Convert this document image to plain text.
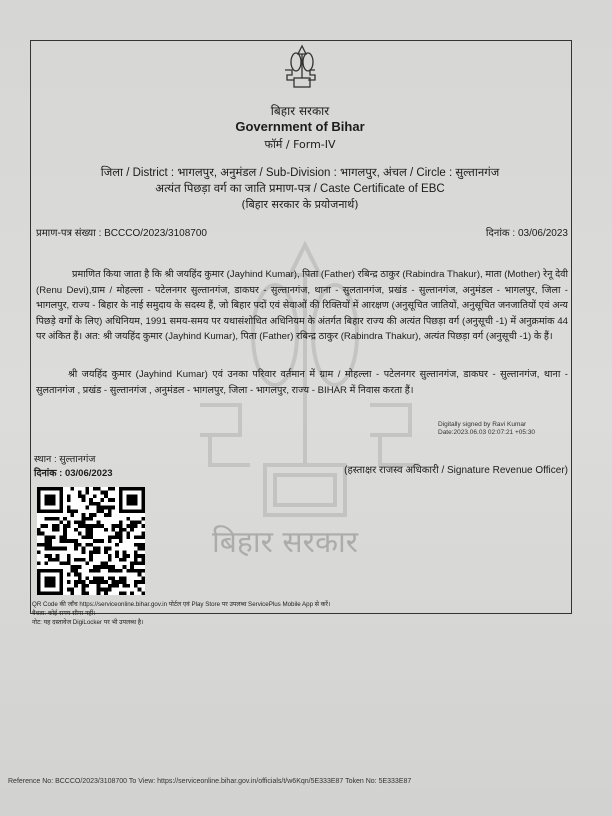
बिहार सरकार
बिहार सरकार
Government of Bihar
फॉर्म / Form-IV
जिला / District : भागलपुर, अनुमंडल / Sub-Division : भागलपुर, अंचल / Circle : सुल्तानगंज
अत्यंत पिछड़ा वर्ग का जाति प्रमाण-पत्र / Caste Certificate of EBC
(बिहार सरकार के प्रयोजनार्थ)
प्रमाण-पत्र संख्या : BCCCO/2023/3108700	दिनांक : 03/06/2023
प्रमाणित किया जाता है कि श्री जयहिंद कुमार (Jayhind Kumar), पिता (Father) रबिन्द्र ठाकुर (Rabindra Thakur), माता (Mother) रेनू देवी (Renu Devi),ग्राम / मोहल्ला - पटेलनगर सुल्तानगंज, डाकघर - सुल्तानगंज, थाना - सुलतानगंज, प्रखंड - सुल्तानगंज, अनुमंडल - भागलपुर, जिला - भागलपुर, राज्य - बिहार के नाई समुदाय के सदस्य हैं, जो बिहार पदों एवं सेवाओं की रिक्तियों में आरक्षण (अनुसूचित जातियों, अनुसूचित जनजातियों एवं अन्य पिछड़े वर्गों के लिए) अधिनियम, 1991 समय-समय पर यथासंशोधित अधिनियम के अंतर्गत बिहार राज्य की अत्यंत पिछड़ा वर्ग (अनुसूची -1) में अनुक्रमांक 44 पर अंकित हैं। अत: श्री जयहिंद कुमार (Jayhind Kumar), पिता (Father) रबिन्द्र ठाकुर (Rabindra Thakur), अत्यंत पिछड़ा वर्ग (अनुसूची -1) के हैं।
श्री जयहिंद कुमार (Jayhind Kumar) एवं उनका परिवार वर्तमान में ग्राम / मोहल्ला - पटेलनगर सुल्तानगंज, डाकघर - सुल्तानगंज, थाना - सुलतानगंज , प्रखंड - सुल्तानगंज , अनुमंडल - भागलपुर, जिला - भागलपुर, राज्य - BIHAR में निवास करता हैं।
Digitally signed by Ravi Kumar
Date:2023.06.03 02:07:21 +05:30
स्थान : सुल्तानगंज
दिनांक : 03/06/2023	(हस्ताक्षर राजस्व अधिकारी / Signature Revenue Officer)
QR Code की जाँच https://serviceonline.bihar.gov.in पोर्टल एवं Play Store पर उपलब्ध ServicePlus Mobile App से करें।
वैधता: कोई समय सीमा नहीं।
नोट: यह दस्तावेज DigiLocker पर भी उपलब्ध है।
Reference No: BCCCO/2023/3108700 To View: https://serviceonline.bihar.gov.in/officials/t/w6Kqn/5E333E87 Token No: 5E333E87
